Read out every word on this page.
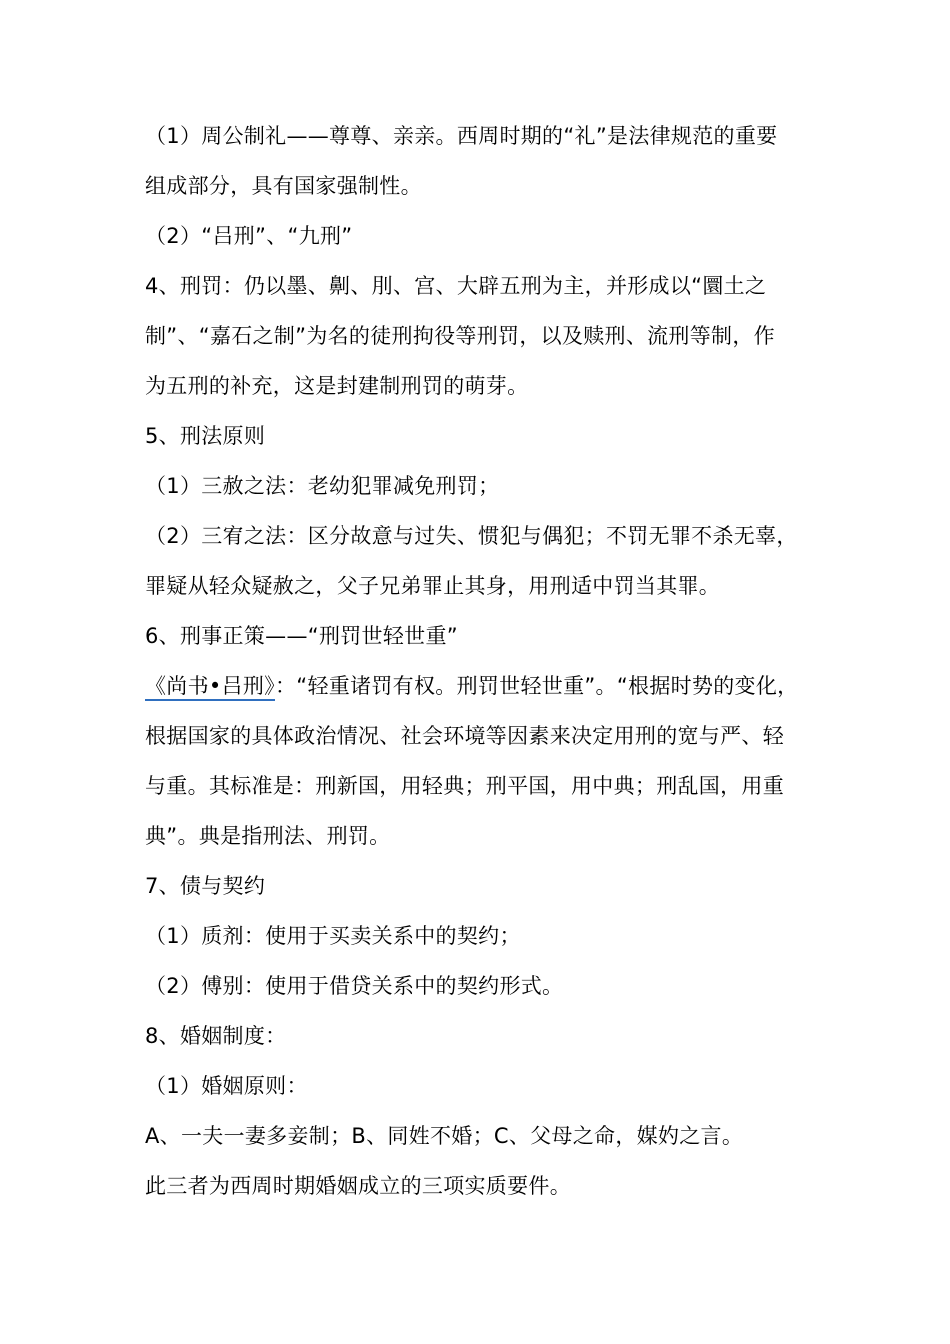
（1）周公制礼——尊尊、亲亲。西周时期的“礼”是法律规范的重要
组成部分，具有国家强制性。
（2）“吕刑”、“九刑”
4、刑罚：仍以墨、劓、刖、宫、大辟五刑为主，并形成以“圜土之
制”、“嘉石之制”为名的徒刑拘役等刑罚，以及赎刑、流刑等制，作
为五刑的补充，这是封建制刑罚的萌芽。
5、刑法原则
（1）三赦之法：老幼犯罪减免刑罚；
（2）三宥之法：区分故意与过失、惯犯与偶犯；不罚无罪不杀无辜，
罪疑从轻众疑赦之，父子兄弟罪止其身，用刑适中罚当其罪。
6、刑事正策——“刑罚世轻世重”
《尚书•吕刑》：“轻重诸罚有权。刑罚世轻世重”。“根据时势的变化，
根据国家的具体政治情况、社会环境等因素来决定用刑的宽与严、轻
与重。其标准是：刑新国，用轻典；刑平国，用中典；刑乱国，用重
典”。典是指刑法、刑罚。
7、债与契约
（1）质剂：使用于买卖关系中的契约；
（2）傅别：使用于借贷关系中的契约形式。
8、婚姻制度：
（1）婚姻原则：
A、一夫一妻多妾制；B、同姓不婚；C、父母之命，媒妁之言。
此三者为西周时期婚姻成立的三项实质要件。
